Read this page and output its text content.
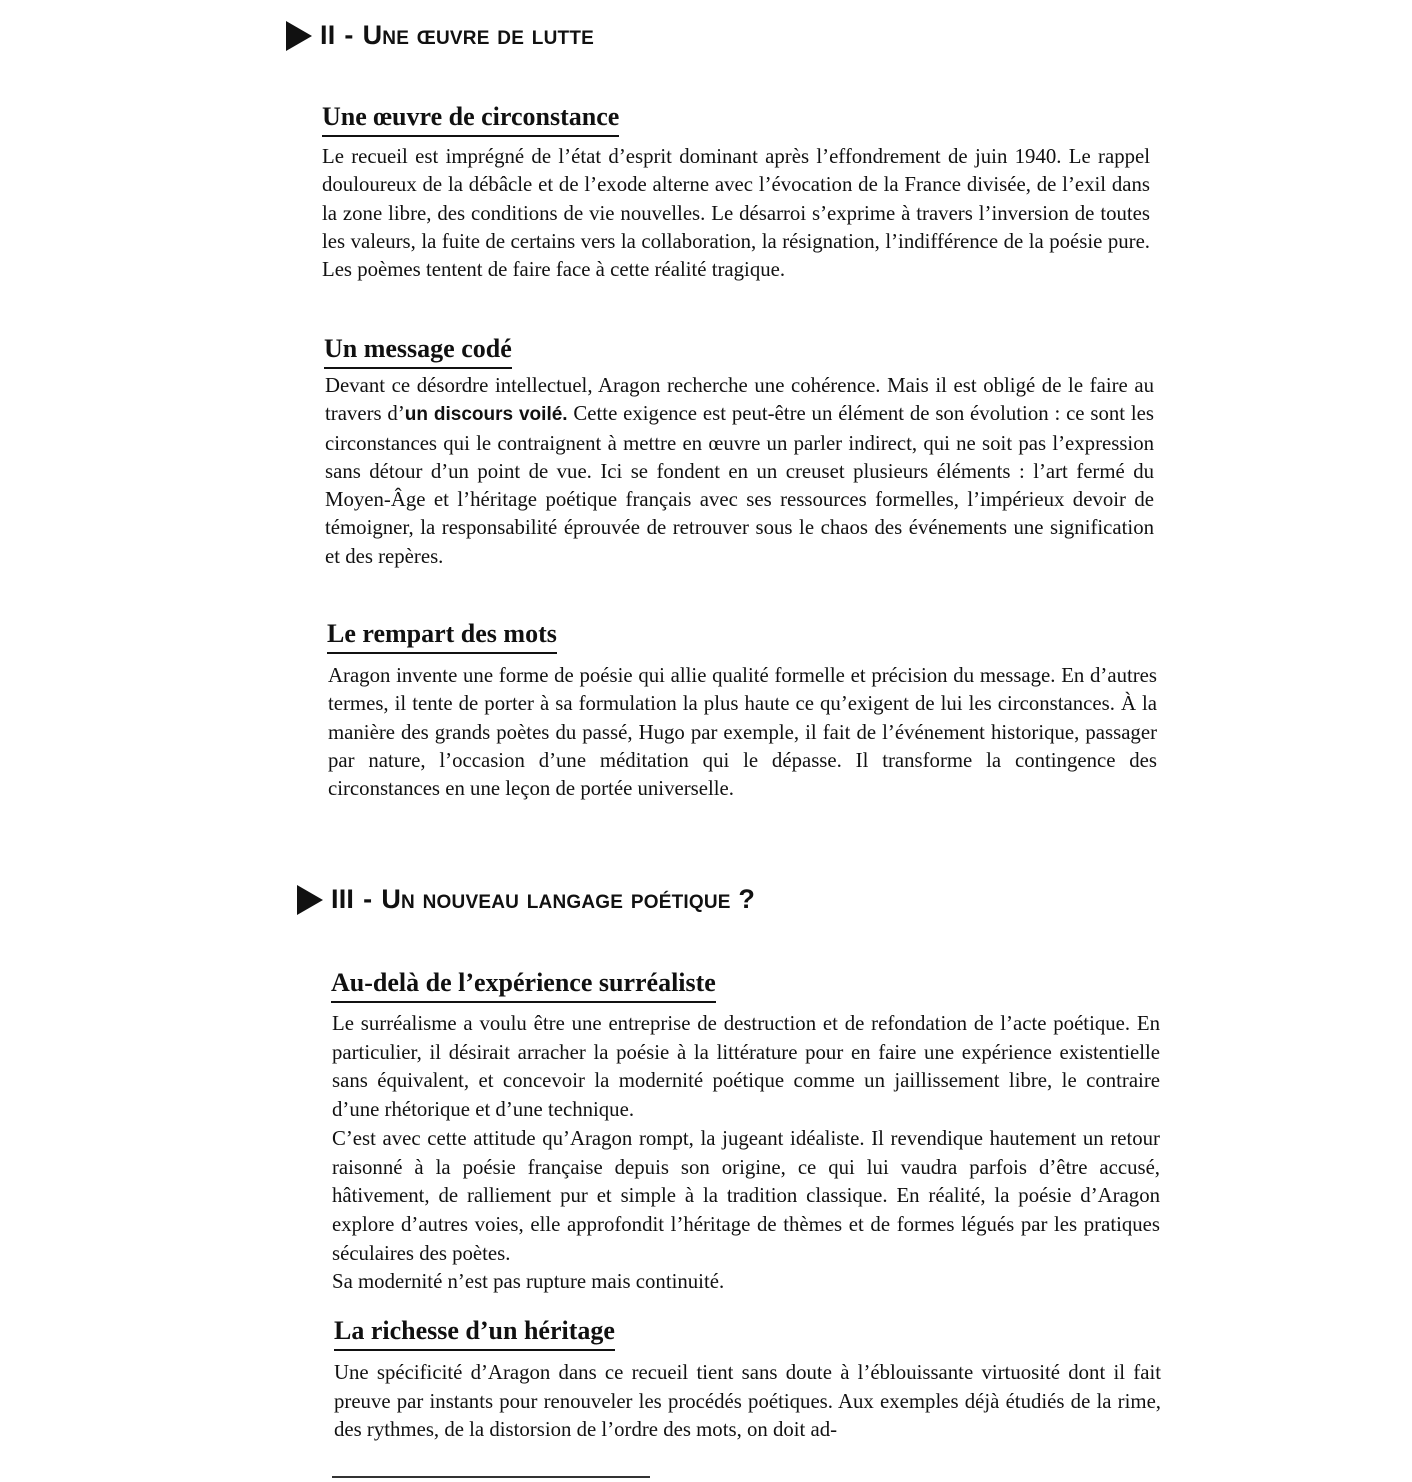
II - Une œuvre de lutte
Une œuvre de circonstance

Le recueil est imprégné de l’état d’esprit dominant après l’effondrement de juin 1940. Le rappel douloureux de la débâcle et de l’exode alterne avec l’évocation de la France divisée, de l’exil dans la zone libre, des conditions de vie nouvelles. Le désarroi s’exprime à travers l’inversion de toutes les valeurs, la fuite de certains vers la collaboration, la résignation, l’indifférence de la poésie pure. Les poèmes tentent de faire face à cette réalité tragique.

Un message codé

Devant ce désordre intellectuel, Aragon recherche une cohérence. Mais il est obligé de le faire au travers d’un discours voilé. Cette exigence est peut-être un élément de son évolution : ce sont les circonstances qui le contraignent à mettre en œuvre un parler indirect, qui ne soit pas l’expression sans détour d’un point de vue. Ici se fondent en un creuset plusieurs éléments : l’art fermé du Moyen-Âge et l’héritage poétique français avec ses ressources formelles, l’impérieux devoir de témoigner, la responsabilité éprouvée de retrouver sous le chaos des événements une signification et des repères.

Le rempart des mots

Aragon invente une forme de poésie qui allie qualité formelle et précision du message. En d’autres termes, il tente de porter à sa formulation la plus haute ce qu’exigent de lui les circonstances. À la manière des grands poètes du passé, Hugo par exemple, il fait de l’événement historique, passager par nature, l’occasion d’une méditation qui le dépasse. Il transforme la contingence des circonstances en une leçon de portée universelle.

III - Un nouveau langage poétique ?
Au-delà de l’expérience surréaliste

Le surréalisme a voulu être une entreprise de destruction et de refondation de l’acte poétique. En particulier, il désirait arracher la poésie à la littérature pour en faire une expérience existentielle sans équivalent, et concevoir la modernité poétique comme un jaillissement libre, le contraire d’une rhétorique et d’une technique.

C’est avec cette attitude qu’Aragon rompt, la jugeant idéaliste. Il revendique hautement un retour raisonné à la poésie française depuis son origine, ce qui lui vaudra parfois d’être accusé, hâtivement, de ralliement pur et simple à la tradition classique. En réalité, la poésie d’Aragon explore d’autres voies, elle approfondit l’héritage de thèmes et de formes légués par les pratiques séculaires des poètes.

Sa modernité n’est pas rupture mais continuité.

La richesse d’un héritage

Une spécificité d’Aragon dans ce recueil tient sans doute à l’éblouissante virtuosité dont il fait preuve par instants pour renouveler les procédés poétiques. Aux exemples déjà étudiés de la rime, des rythmes, de la distorsion de l’ordre des mots, on doit ad-
